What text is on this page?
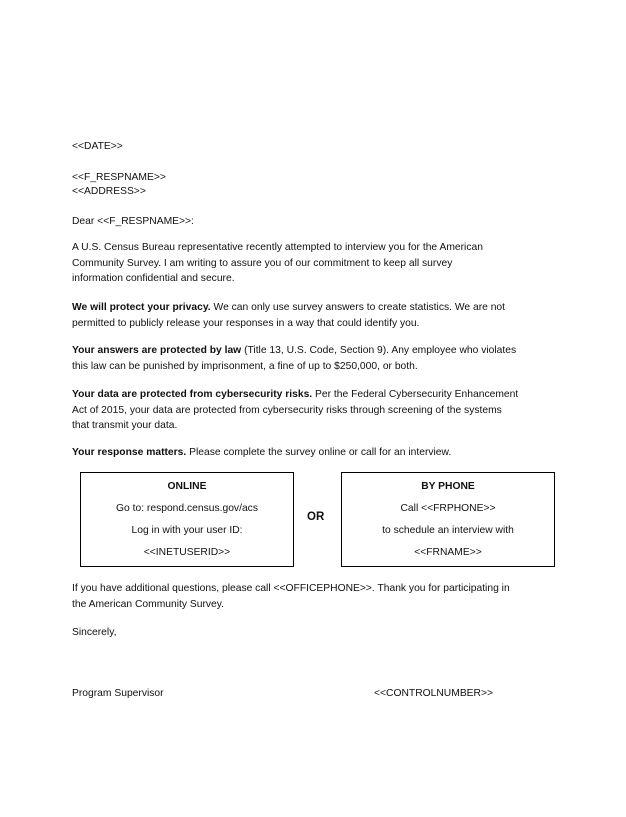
<<DATE>>
<<F_RESPNAME>>
<<ADDRESS>>
Dear <<F_RESPNAME>>:
A U.S. Census Bureau representative recently attempted to interview you for the American
Community Survey. I am writing to assure you of our commitment to keep all survey
information confidential and secure.
We will protect your privacy. We can only use survey answers to create statistics. We are not
permitted to publicly release your responses in a way that could identify you.
Your answers are protected by law (Title 13, U.S. Code, Section 9). Any employee who violates
this law can be punished by imprisonment, a fine of up to $250,000, or both.
Your data are protected from cybersecurity risks. Per the Federal Cybersecurity Enhancement
Act of 2015, your data are protected from cybersecurity risks through screening of the systems
that transmit your data.
Your response matters. Please complete the survey online or call for an interview.
ONLINE
Go to: respond.census.gov/acs
Log in with your user ID:
<<INETUSERID>>
OR
BY PHONE
Call <<FRPHONE>>
to schedule an interview with
<<FRNAME>>
If you have additional questions, please call <<OFFICEPHONE>>. Thank you for participating in
the American Community Survey.
Sincerely,
Program Supervisor	<<CONTROLNUMBER>>
